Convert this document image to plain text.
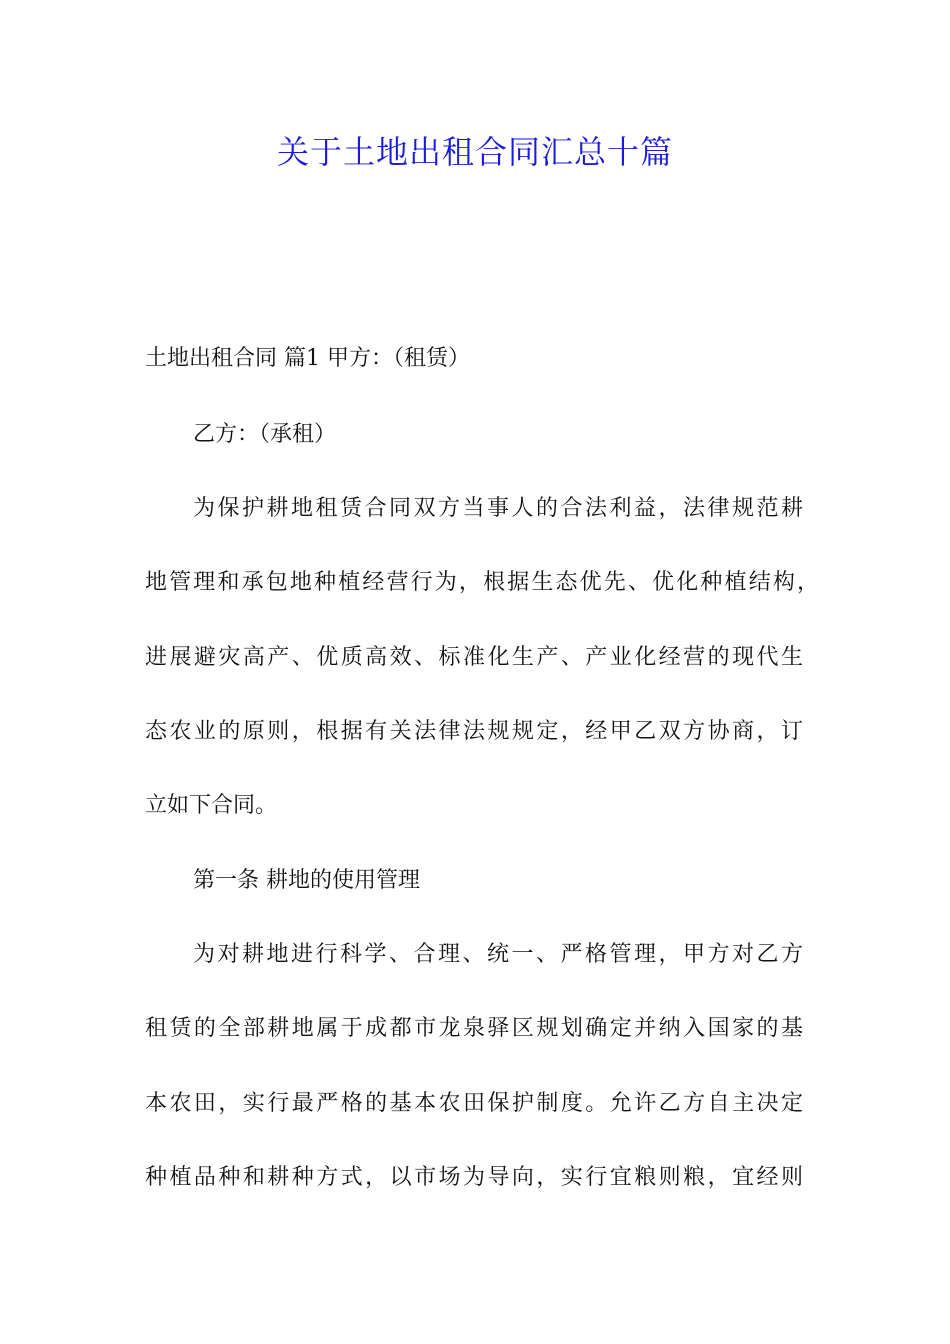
关于土地出租合同汇总十篇
土地出租合同 篇1 甲方：（租赁）
乙方：（承租）
为保护耕地租赁合同双方当事人的合法利益，法律规范耕
地管理和承包地种植经营行为，根据生态优先、优化种植结构，
进展避灾高产、优质高效、标准化生产、产业化经营的现代生
态农业的原则，根据有关法律法规规定，经甲乙双方协商，订
立如下合同。
第一条 耕地的使用管理
为对耕地进行科学、合理、统一、严格管理，甲方对乙方
租赁的全部耕地属于成都市龙泉驿区规划确定并纳入国家的基
本农田，实行最严格的基本农田保护制度。允许乙方自主决定
种植品种和耕种方式，以市场为导向，实行宜粮则粮，宜经则
